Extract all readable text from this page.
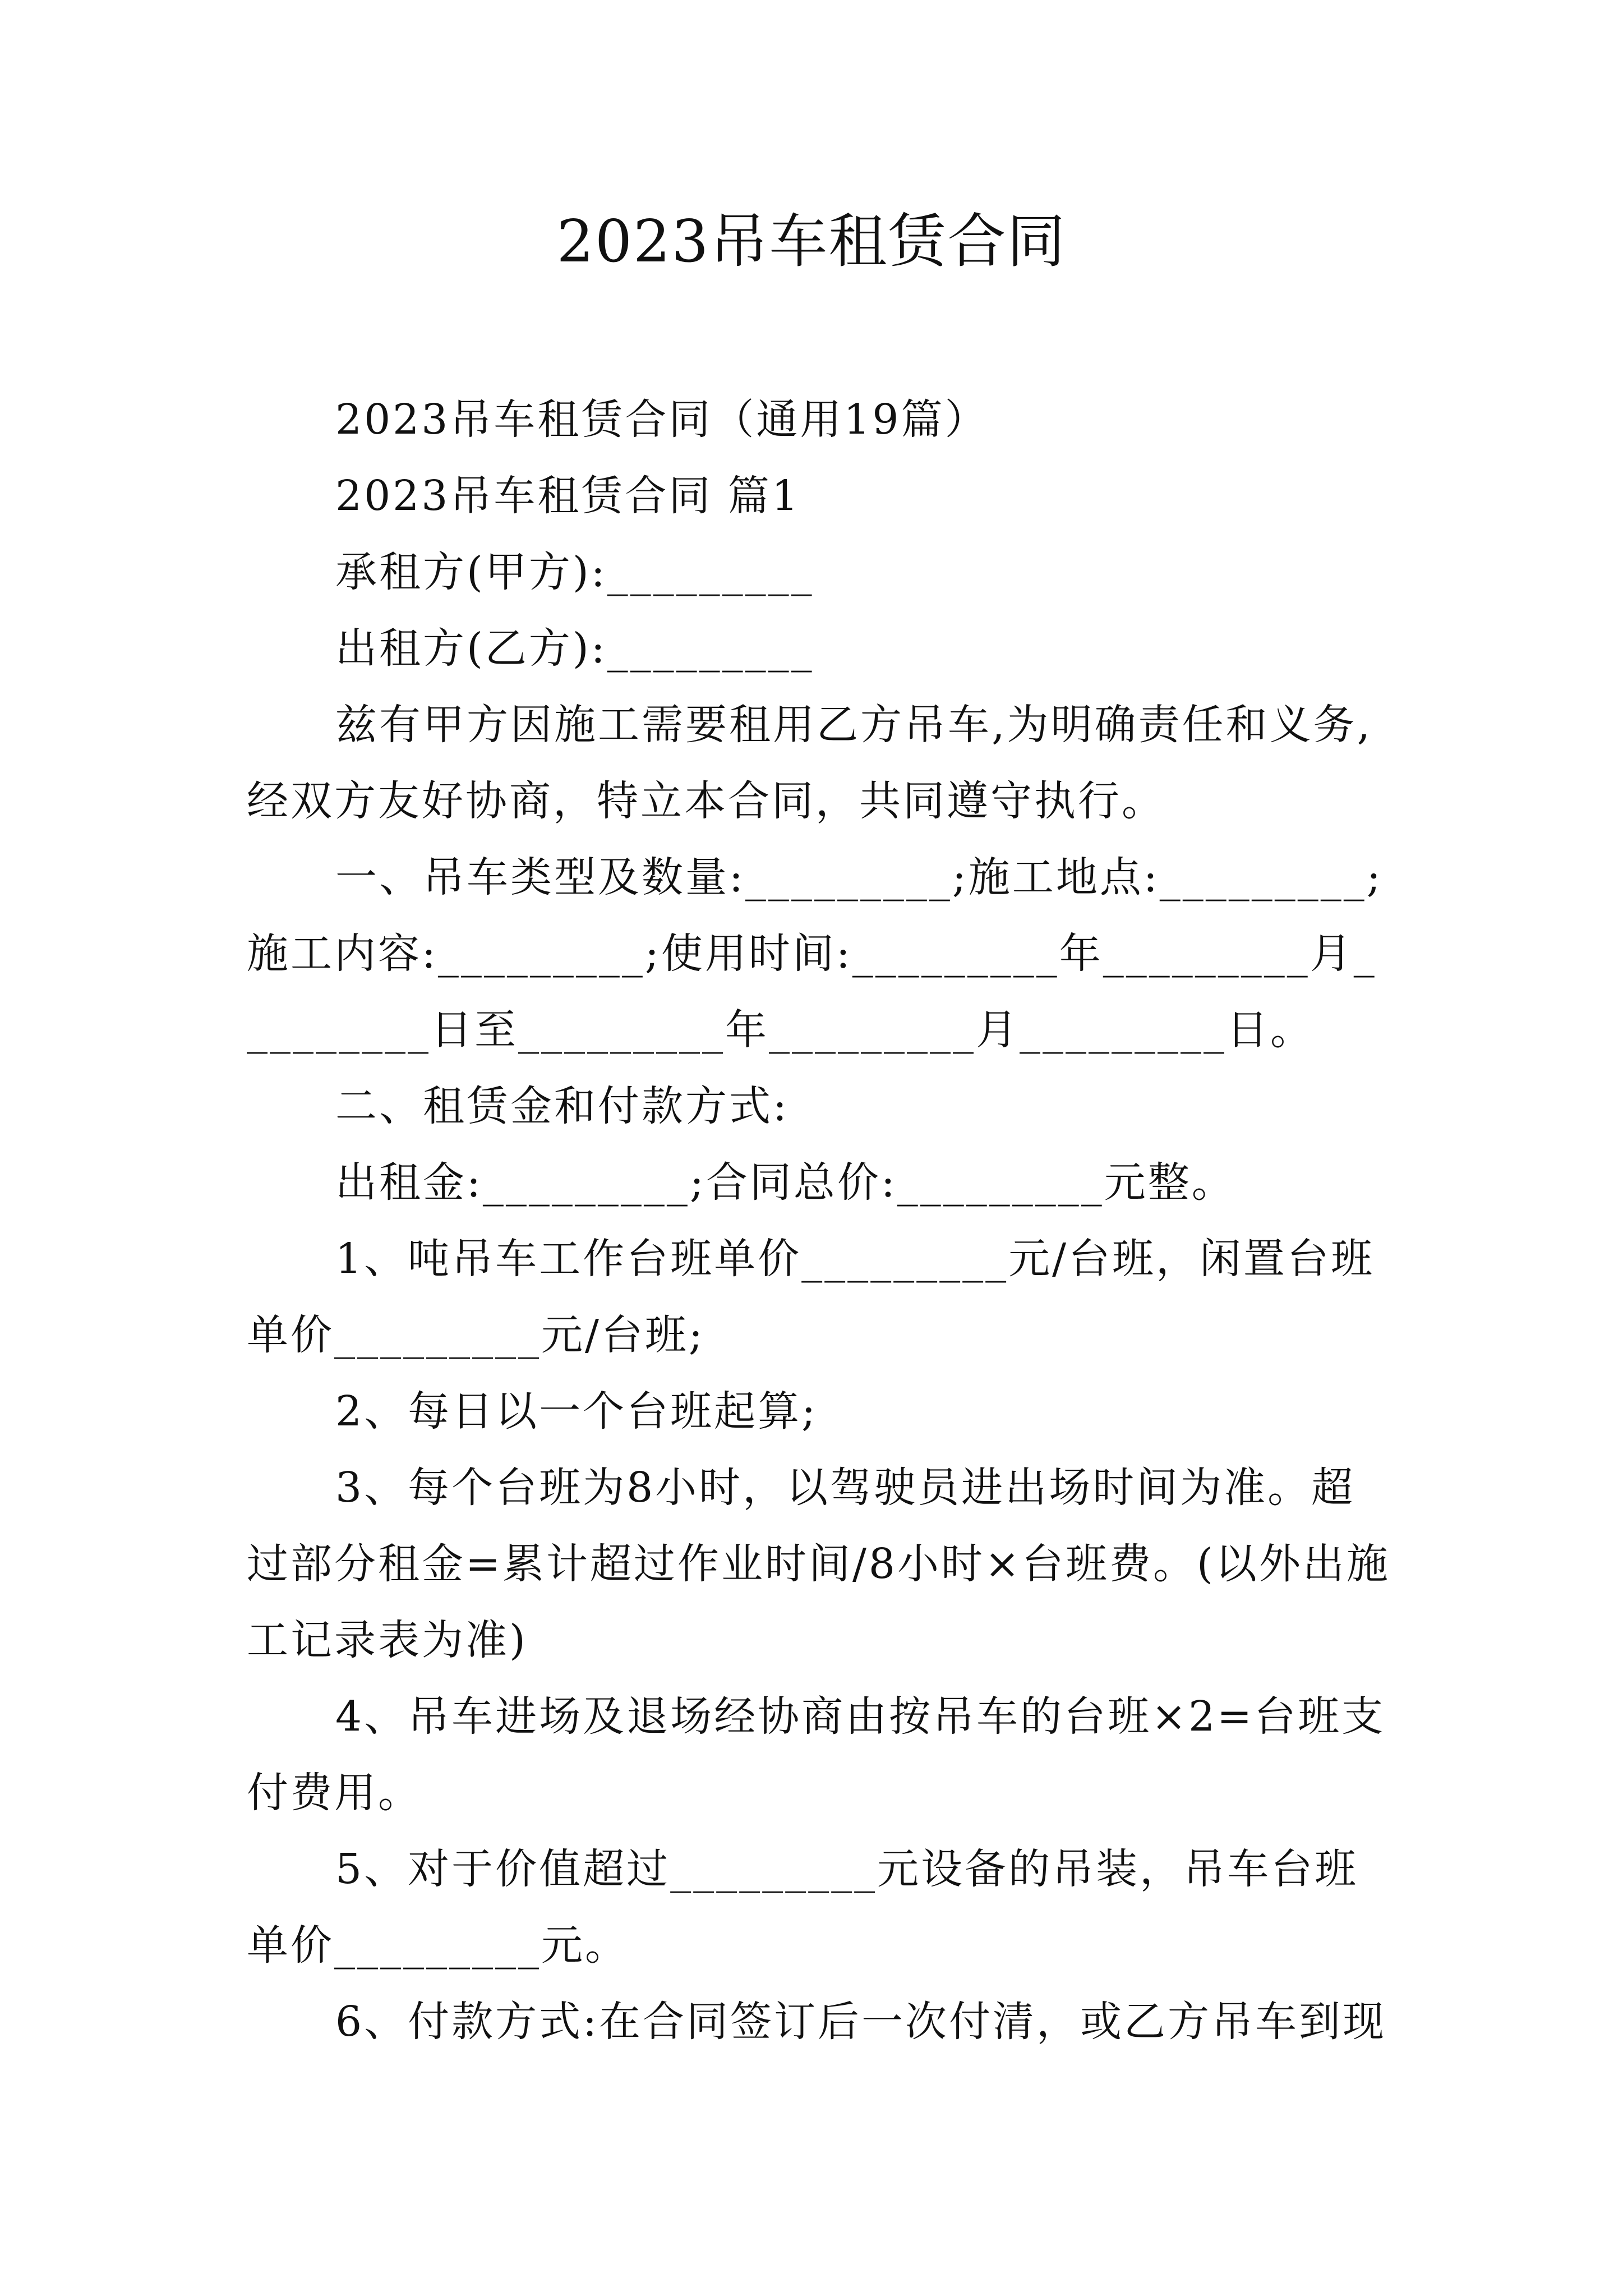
2023吊车租赁合同

2023吊车租赁合同（通用19篇）

2023吊车租赁合同 篇1

承租方(甲方):_________

出租方(乙方):_________

兹有甲方因施工需要租用乙方吊车,为明确责任和义务,经双方友好协商，特立本合同，共同遵守执行。

一、吊车类型及数量:_________;施工地点:_________;施工内容:_________;使用时间:_________年_________月_________日至_________年_________月_________日。

二、租赁金和付款方式:

出租金:_________;合同总价:_________元整。

1、吨吊车工作台班单价_________元/台班，闲置台班单价_________元/台班;

2、每日以一个台班起算;

3、每个台班为8小时，以驾驶员进出场时间为准。超过部分租金=累计超过作业时间/8小时×台班费。(以外出施工记录表为准)

4、吊车进场及退场经协商由按吊车的台班×2=台班支付费用。

5、对于价值超过_________元设备的吊装，吊车台班单价_________元。

6、付款方式:在合同签订后一次付清，或乙方吊车到现
